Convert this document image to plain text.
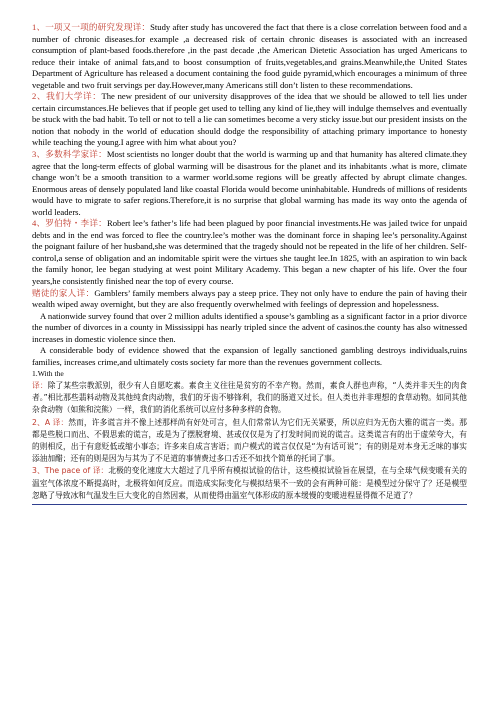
1、一项又一项的研究发现详：Study after study has uncovered the fact that there is a close correlation between food and a number of chronic diseases.for example ,a decreased risk of certain chronic diseases is associated with an increased consumption of plant-based foods.therefore ,in the past decade ,the American Dietetic Association has urged Americans to reduce their intake of animal fats,and to boost consumption of fruits,vegetables,and grains.Meanwhile,the United States Department of Agriculture has released a document containing the food guide pyramid,which encourages a minimum of three vegetable and two fruit servings per day.However,many Americans still don’t listen to these recommendations.

2、我们大学详：The new president of our university disapproves of the idea that we should be allowed to tell lies under certain circumstances.He believes that if people get used to telling any kind of lie,they will indulge themselves and eventually be stuck with the bad habit. To tell or not to tell a lie can sometimes become a very sticky issue.but our president insists on the notion that nobody in the world of education should dodge the responsibility of attaching primary importance to honesty while teaching the young.I agree with him what about you?

3、多数科学家详：Most scientists no longer doubt that the world is warming up and that humanity has altered climate.they agree that the long-term effects of global warming will be disastrous for the planet and its inhabitants .what is more, climate change won’t be a smooth transition to a warmer world.some regions will be greatly affected by abrupt climate changes. Enormous areas of densely populated land like coastal Florida would become uninhabitable. Hundreds of millions of residents would have to migrate to safer regions.Therefore,it is no surprise that global warming has made its way onto the agenda of world leaders.

4、罗伯特・李详：Robert lee’s father’s life had been plagued by poor financial investments.He was jailed twice for unpaid debts and in the end was forced to flee the country.lee’s mother was the dominant force in shaping lee’s personality.Against the poignant failure of her husband,she was determined that the tragedy should not be repeated in the life of her children. Self-control,a sense of obligation and an indomitable spirit were the virtues she taught lee.In 1825, with an aspiration to win back the family honor, lee began studying at west point Military Academy. This began a new chapter of his life. Over the four years,he consistently finished near the top of every course.

赌徒的家人详：Gamblers’ family members always pay a steep price. They not only have to endure the pain of having their wealth wiped away overnight, but they are also frequently overwhelmed with feelings of depression and hopelessness.

A nationwide survey found that over 2 million adults identified a spouse’s gambling as a significant factor in a prior divorce the number of divorces in a county in Mississippi has nearly tripled since the advent of casinos.the county has also witnessed increases in domestic violence since then.

A considerable body of evidence showed that the expansion of legally sanctioned gambling destroys individuals,ruins families, increases crime,and ultimately costs society far more than the revenues government collects.

1.With the

译：除了某些宗教派别，很少有人自愿吃素。素食主义往往是贫穷的不幸产物。然而，素食人群也声称，“人类并非天生的肉食者。”相比那些翡料动物及其他纯食肉动物，我们的牙齿不够锋利，我们的肠道又过长。但人类也并非理想的食草动物。如同其他杂食动物（如熊和浣熊）一样，我们的消化系统可以应付多种多样的食物。
2、A 译：然而，许多谎言并不像上述那样尚有好处可言，但人们常常认为它们无关紧要，所以应归为无伤大雅的谎言一类。那都是些脱口而出、不假思索的谎言，或是为了摆脱窘境、甚或仅仅是为了打发时间而说的谎言。这类谎言有的出于虚荣夸大，有的则相反，出于有意贬低或缩小事态；许多来自成言害语；而户模式的谎言仅仅是“为有话可说”；有的则是对本身无乏味的事实添油加醋；还有的则是因为与其为了不足道的事情费过多口舌还不如找个简单的托词了事。
3、The pace of 译：北极的变化速度大大超过了几乎所有模拟试验的估计，这些模拟试验旨在展望，在与全球气候变暖有关的温室气体浓度不断提高时，北极将如何反应。而造成实际变化与模拟结果不一致的会有两种可能：是模型过分保守了？还是模型忽略了导致冰和气温发生巨大变化的自然因素，从而使得由温室气体形成的原本缓慢的变暖进程显得微不足道了？
